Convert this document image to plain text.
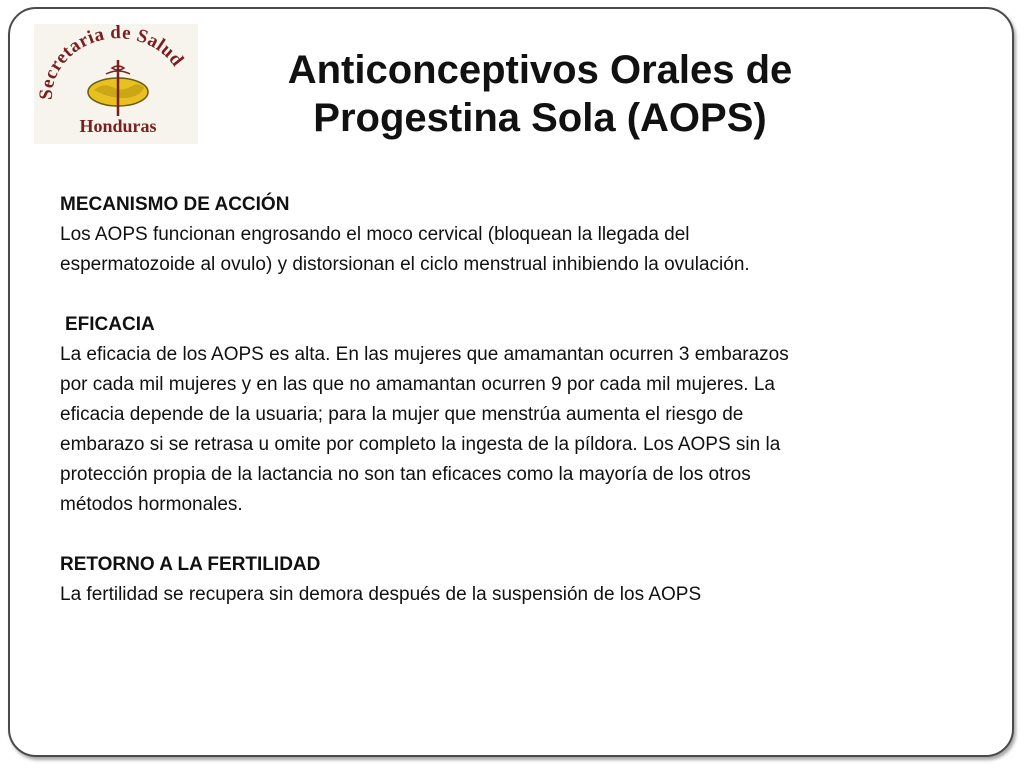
Secretaria de Salud
Honduras
Anticonceptivos Orales de
Progestina Sola (AOPS)
MECANISMO DE ACCIÓN
Los AOPS funcionan engrosando el moco cervical (bloquean la llegada del
espermatozoide al ovulo) y distorsionan el ciclo menstrual inhibiendo la ovulación.
EFICACIA
La eficacia de los AOPS es alta. En las mujeres que amamantan ocurren 3 embarazos
por cada mil mujeres y en las que no amamantan ocurren 9 por cada mil mujeres. La
eficacia depende de la usuaria; para la mujer que menstrúa aumenta el riesgo de
embarazo si se retrasa u omite por completo la ingesta de la píldora. Los AOPS sin la
protección propia de la lactancia no son tan eficaces como la mayoría de los otros
métodos hormonales.
RETORNO A LA FERTILIDAD
La fertilidad se recupera sin demora después de la suspensión de los AOPS
